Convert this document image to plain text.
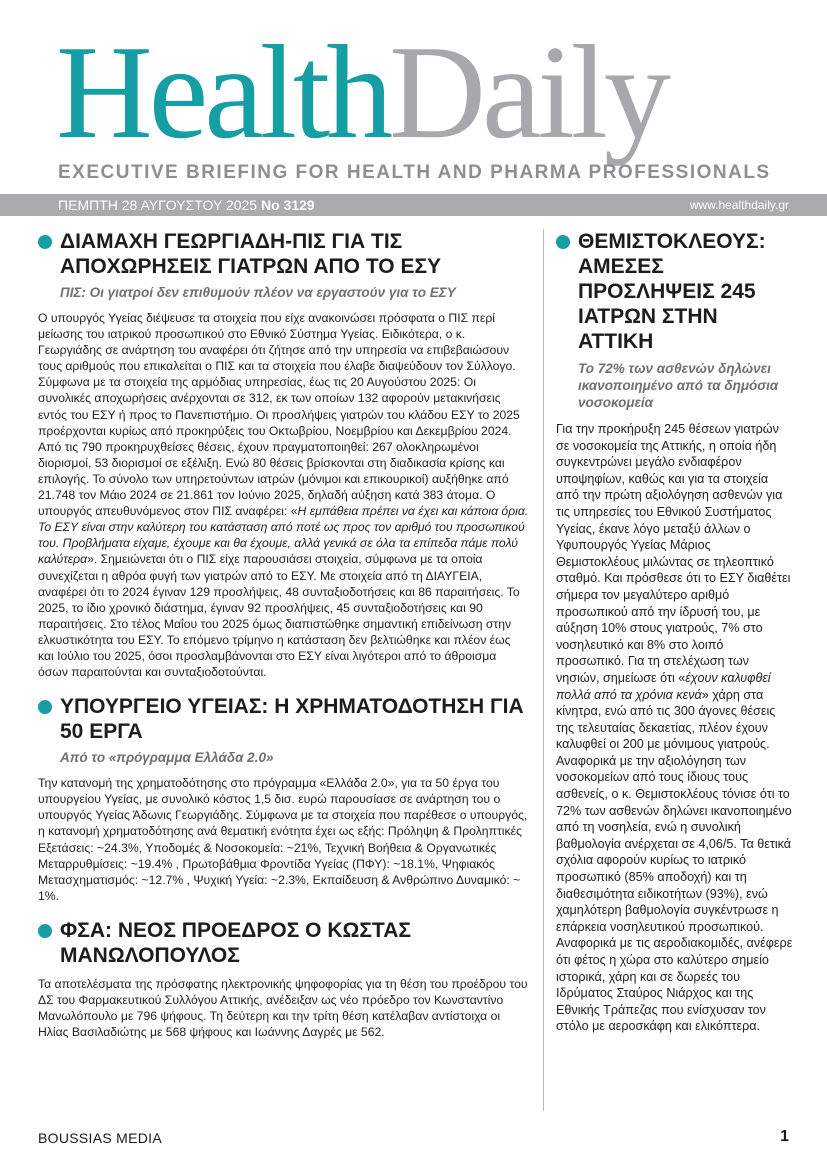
HealthDaily
EXECUTIVE BRIEFING FOR HEALTH AND PHARMA PROFESSIONALS
ΠΕΜΠΤΗ 28 ΑΥΓΟΥΣΤΟΥ 2025 No 3129	www.healthdaily.gr
ΔΙΑΜΑΧΗ ΓΕΩΡΓΙΑΔΗ-ΠΙΣ ΓΙΑ ΤΙΣ ΑΠΟΧΩΡΗΣΕΙΣ ΓΙΑΤΡΩΝ ΑΠΟ ΤΟ ΕΣΥ
ΠΙΣ: Οι γιατροί δεν επιθυμούν πλέον να εργαστούν για το ΕΣΥ

Ο υπουργός Υγείας διέψευσε τα στοιχεία που είχε ανακοινώσει πρόσφατα ο ΠΙΣ περί μείωσης του ιατρικού προσωπικού στο Εθνικό Σύστημα Υγείας. Ειδικότερα, ο κ. Γεωργιάδης σε ανάρτηση του αναφέρει ότι ζήτησε από την υπηρεσία να επιβεβαιώσουν τους αριθμούς που επικαλείται ο ΠΙΣ και τα στοιχεία που έλαβε διαψεύδουν τον Σύλλογο. Σύμφωνα με τα στοιχεία της αρμόδιας υπηρεσίας, έως τις 20 Αυγούστου 2025: Οι συνολικές αποχωρήσεις ανέρχονται σε 312, εκ των οποίων 132 αφορούν μετακινήσεις εντός του ΕΣΥ ή προς το Πανεπιστήμιο. Οι προσλήψεις γιατρών του κλάδου ΕΣΥ το 2025 προέρχονται κυρίως από προκηρύξεις του Οκτωβρίου, Νοεμβρίου και Δεκεμβρίου 2024. Από τις 790 προκηρυχθείσες θέσεις, έχουν πραγματοποιηθεί: 267 ολοκληρωμένοι διορισμοί, 53 διορισμοί σε εξέλιξη. Ενώ 80 θέσεις βρίσκονται στη διαδικασία κρίσης και επιλογής. Το σύνολο των υπηρετούντων ιατρών (μόνιμοι και επικουρικοί) αυξήθηκε από 21.748 τον Μάιο 2024 σε 21.861 τον Ιούνιο 2025, δηλαδή αύξηση κατά 383 άτομα. Ο υπουργός απευθυνόμενος στον ΠΙΣ αναφέρει: «Η εμπάθεια πρέπει να έχει και κάποια όρια. Το ΕΣΥ είναι στην καλύτερη του κατάσταση από ποτέ ως προς τον αριθμό του προσωπικού του. Προβλήματα είχαμε, έχουμε και θα έχουμε, αλλά γενικά σε όλα τα επίπεδα πάμε πολύ καλύτερα». Σημειώνεται ότι ο ΠΙΣ είχε παρουσιάσει στοιχεία, σύμφωνα με τα οποία συνεχίζεται η αθρόα φυγή των γιατρών από το ΕΣΥ. Με στοιχεία από τη ΔΙΑΥΓΕΙΑ, αναφέρει ότι το 2024 έγιναν 129 προσλήψεις, 48 συνταξιοδοτήσεις και 86 παραιτήσεις. Το 2025, το ίδιο χρονικό διάστημα, έγιναν 92 προσλήψεις, 45 συνταξιοδοτήσεις και 90 παραιτήσεις. Στο τέλος Μαΐου του 2025 όμως διαπιστώθηκε σημαντική επιδείνωση στην ελκυστικότητα του ΕΣΥ. Το επόμενο τρίμηνο η κατάσταση δεν βελτιώθηκε και πλέον έως και Ιούλιο του 2025, όσοι προσλαμβάνονται στο ΕΣΥ είναι λιγότεροι από το άθροισμα όσων παραιτούνται και συνταξιοδοτούνται.

ΥΠΟΥΡΓΕΙΟ ΥΓΕΙΑΣ: Η ΧΡΗΜΑΤΟΔΟΤΗΣΗ ΓΙΑ 50 ΕΡΓΑ
Από το «πρόγραμμα Ελλάδα 2.0»

Την κατανομή της χρηματοδότησης στο πρόγραμμα «Ελλάδα 2.0», για τα 50 έργα του υπουργείου Υγείας, με συνολικό κόστος 1,5 δισ. ευρώ παρουσίασε σε ανάρτηση του ο υπουργός Υγείας Άδωνις Γεωργιάδης. Σύμφωνα με τα στοιχεία που παρέθεσε ο υπουργός, η κατανομή χρηματοδότησης ανά θεματική ενότητα έχει ως εξής: Πρόληψη & Προληπτικές Εξετάσεις: ~24.3%, Υποδομές & Νοσοκομεία: ~21%, Τεχνική Βοήθεια & Οργανωτικές Μεταρρυθμίσεις: ~19.4% , Πρωτοβάθμια Φροντίδα Υγείας (ΠΦΥ): ~18.1%, Ψηφιακός Μετασχηματισμός: ~12.7% , Ψυχική Υγεία: ~2.3%, Εκπαίδευση & Ανθρώπινο Δυναμικό: ~ 1%.

ΦΣΑ: ΝΕΟΣ ΠΡΟΕΔΡΟΣ Ο ΚΩΣΤΑΣ ΜΑΝΩΛΟΠΟΥΛΟΣ

Τα αποτελέσματα της πρόσφατης ηλεκτρονικής ψηφοφορίας για τη θέση του προέδρου του ΔΣ του Φαρμακευτικού Συλλόγου Αττικής, ανέδειξαν ως νέο πρόεδρο τον Κωνσταντίνο Μανωλόπουλο με 796 ψήφους. Τη δεύτερη και την τρίτη θέση κατέλαβαν αντίστοιχα οι Ηλίας Βασιλαδιώτης με 568 ψήφους και Ιωάννης Δαγρές με 562.

ΘΕΜΙΣΤΟΚΛΕΟΥΣ: ΑΜΕΣΕΣ ΠΡΟΣΛΗΨΕΙΣ 245 ΙΑΤΡΩΝ ΣΤΗΝ ΑΤΤΙΚΗ
Το 72% των ασθενών δηλώνει ικανοποιημένο από τα δημόσια νοσοκομεία

Για την προκήρυξη 245 θέσεων γιατρών σε νοσοκομεία της Αττικής, η οποία ήδη συγκεντρώνει μεγάλο ενδιαφέρον υποψηφίων, καθώς και για τα στοιχεία από την πρώτη αξιολόγηση ασθενών για τις υπηρεσίες του Εθνικού Συστήματος Υγείας, έκανε λόγο μεταξύ άλλων ο Υφυπουργός Υγείας Μάριος Θεμιστοκλέους μιλώντας σε τηλεοπτικό σταθμό. Και πρόσθεσε ότι το ΕΣΥ διαθέτει σήμερα τον μεγαλύτερο αριθμό προσωπικού από την ίδρυσή του, με αύξηση 10% στους γιατρούς, 7% στο νοσηλευτικό και 8% στο λοιπό προσωπικό. Για τη στελέχωση των νησιών, σημείωσε ότι «έχουν καλυφθεί πολλά από τα χρόνια κενά» χάρη στα κίνητρα, ενώ από τις 300 άγονες θέσεις της τελευταίας δεκαετίας, πλέον έχουν καλυφθεί οι 200 με μόνιμους γιατρούς. Αναφορικά με την αξιολόγηση των νοσοκομείων από τους ίδιους τους ασθενείς, ο κ. Θεμιστοκλέους τόνισε ότι το 72% των ασθενών δηλώνει ικανοποιημένο από τη νοσηλεία, ενώ η συνολική βαθμολογία ανέρχεται σε 4,06/5. Τα θετικά σχόλια αφορούν κυρίως το ιατρικό προσωπικό (85% αποδοχή) και τη διαθεσιμότητα ειδικοτήτων (93%), ενώ χαμηλότερη βαθμολογία συγκέντρωσε η επάρκεια νοσηλευτικού προσωπικού. Αναφορικά με τις αεροδιακομιδές, ανέφερε ότι φέτος η χώρα στο καλύτερο σημείο ιστορικά, χάρη και σε δωρεές του Ιδρύματος Σταύρος Νιάρχος και της Εθνικής Τράπεζας που ενίσχυσαν τον στόλο με αεροσκάφη και ελικόπτερα.

BOUSSIAS MEDIA	1
